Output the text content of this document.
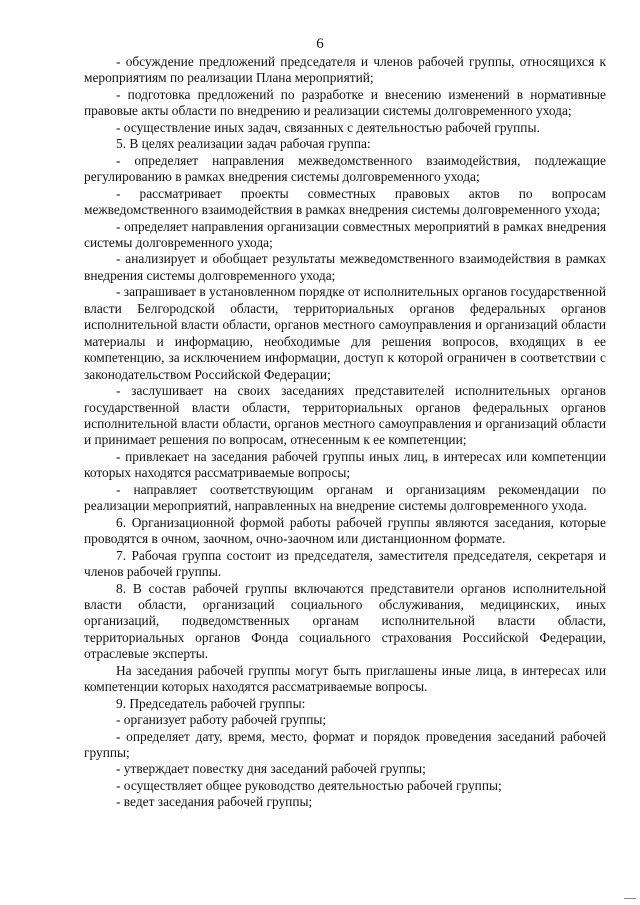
6

- обсуждение предложений председателя и членов рабочей группы, относящихся к мероприятиям по реализации Плана мероприятий;

- подготовка предложений по разработке и внесению изменений в нормативные правовые акты области по внедрению и реализации системы долговременного ухода;

- осуществление иных задач, связанных с деятельностью рабочей группы.

5. В целях реализации задач рабочая группа:

- определяет направления межведомственного взаимодействия, подлежащие регулированию в рамках внедрения системы долговременного ухода;

- рассматривает проекты совместных правовых актов по вопросам межведомственного взаимодействия в рамках внедрения системы долговременного ухода;

- определяет направления организации совместных мероприятий в рамках внедрения системы долговременного ухода;

- анализирует и обобщает результаты межведомственного взаимодействия в рамках внедрения системы долговременного ухода;

- запрашивает в установленном порядке от исполнительных органов государственной власти Белгородской области, территориальных органов федеральных органов исполнительной власти области, органов местного самоуправления и организаций области материалы и информацию, необходимые для решения вопросов, входящих в ее компетенцию, за исключением информации, доступ к которой ограничен в соответствии с законодательством Российской Федерации;

- заслушивает на своих заседаниях представителей исполнительных органов государственной власти области, территориальных органов федеральных органов исполнительной власти области, органов местного самоуправления и организаций области и принимает решения по вопросам, отнесенным к ее компетенции;

- привлекает на заседания рабочей группы иных лиц, в интересах или компетенции которых находятся рассматриваемые вопросы;

- направляет соответствующим органам и организациям рекомендации по реализации мероприятий, направленных на внедрение системы долговременного ухода.

6. Организационной формой работы рабочей группы являются заседания, которые проводятся в очном, заочном, очно-заочном или дистанционном формате.

7. Рабочая группа состоит из председателя, заместителя председателя, секретаря и членов рабочей группы.

8. В состав рабочей группы включаются представители органов исполнительной власти области, организаций социального обслуживания, медицинских, иных организаций, подведомственных органам исполнительной власти области, территориальных органов Фонда социального страхования Российской Федерации, отраслевые эксперты.

На заседания рабочей группы могут быть приглашены иные лица, в интересах или компетенции которых находятся рассматриваемые вопросы.

9. Председатель рабочей группы:

- организует работу рабочей группы;

- определяет дату, время, место, формат и порядок проведения заседаний рабочей группы;

- утверждает повестку дня заседаний рабочей группы;

- осуществляет общее руководство деятельностью рабочей группы;

- ведет заседания рабочей группы;
